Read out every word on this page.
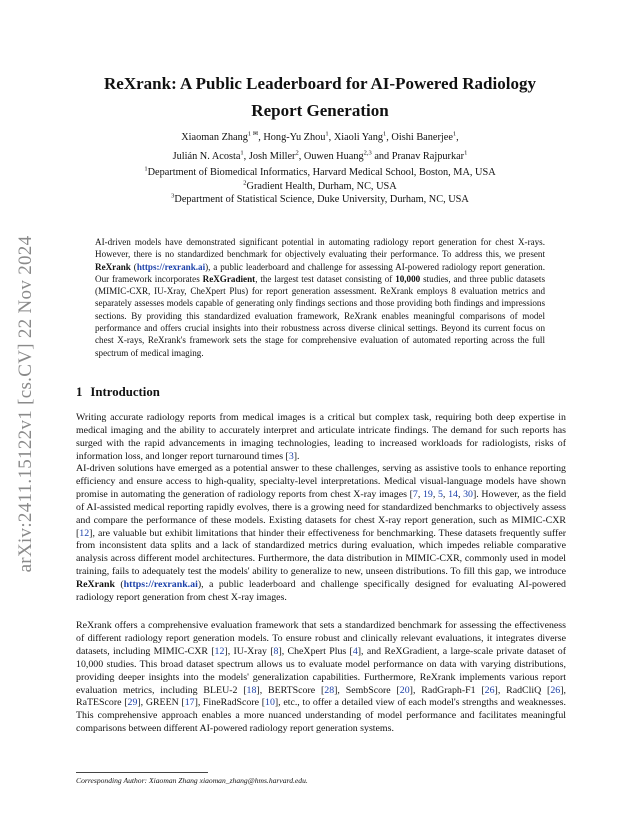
arXiv:2411.15122v1 [cs.CV] 22 Nov 2024
ReXrank: A Public Leaderboard for AI-Powered Radiology Report Generation
Xiaoman Zhang$^{1 ✉}$, Hong-Yu Zhou$^1$, Xiaoli Yang$^1$, Oishi Banerjee$^1$,
Julián N. Acosta$^1$, Josh Miller$^2$, Ouwen Huang$^{2,3}$ and Pranav Rajpurkar$^1$
$^1$Department of Biomedical Informatics, Harvard Medical School, Boston, MA, USA
$^2$Gradient Health, Durham, NC, USA
$^3$Department of Statistical Science, Duke University, Durham, NC, USA
AI-driven models have demonstrated significant potential in automating radiology report generation for chest X-rays. However, there is no standardized benchmark for objectively evaluating their performance. To address this, we present ReXrank (https://rexrank.ai), a public leaderboard and challenge for assessing AI-powered radiology report generation. Our framework incorporates ReXGradient, the largest test dataset consisting of 10,000 studies, and three public datasets (MIMIC-CXR, IU-Xray, CheXpert Plus) for report generation assessment. ReXrank employs 8 evaluation metrics and separately assesses models capable of generating only findings sections and those providing both findings and impressions sections. By providing this standardized evaluation framework, ReXrank enables meaningful comparisons of model performance and offers crucial insights into their robustness across diverse clinical settings. Beyond its current focus on chest X-rays, ReXrank's framework sets the stage for comprehensive evaluation of automated reporting across the full spectrum of medical imaging.
1 Introduction

Writing accurate radiology reports from medical images is a critical but complex task, requiring both deep expertise in medical imaging and the ability to accurately interpret and articulate intricate findings. The demand for such reports has surged with the rapid advancements in imaging technologies, leading to increased workloads for radiologists, risks of information loss, and longer report turnaround times [3].

AI-driven solutions have emerged as a potential answer to these challenges, serving as assistive tools to enhance reporting efficiency and ensure access to high-quality, specialty-level interpretations. Medical visual-language models have shown promise in automating the generation of radiology reports from chest X-ray images [7, 19, 5, 14, 30]. However, as the field of AI-assisted medical reporting rapidly evolves, there is a growing need for standardized benchmarks to objectively assess and compare the performance of these models. Existing datasets for chest X-ray report generation, such as MIMIC-CXR [12], are valuable but exhibit limitations that hinder their effectiveness for benchmarking. These datasets frequently suffer from inconsistent data splits and a lack of standardized metrics during evaluation, which impedes reliable comparative analysis across different model architectures. Furthermore, the data distribution in MIMIC-CXR, commonly used in model training, fails to adequately test the models' ability to generalize to new, unseen distributions. To fill this gap, we introduce ReXrank (https://rexrank.ai), a public leaderboard and challenge specifically designed for evaluating AI-powered radiology report generation from chest X-ray images.

ReXrank offers a comprehensive evaluation framework that sets a standardized benchmark for assessing the effectiveness of different radiology report generation models. To ensure robust and clinically relevant evaluations, it integrates diverse datasets, including MIMIC-CXR [12], IU-Xray [8], CheXpert Plus [4], and ReXGradient, a large-scale private dataset of 10,000 studies. This broad dataset spectrum allows us to evaluate model performance on data with varying distributions, providing deeper insights into the models' generalization capabilities. Furthermore, ReXrank implements various report evaluation metrics, including BLEU-2 [18], BERTScore [28], SembScore [20], RadGraph-F1 [26], RadCliQ [26], RaTEScore [29], GREEN [17], FineRadScore [10], etc., to offer a detailed view of each model's strengths and weaknesses. This comprehensive approach enables a more nuanced understanding of model performance and facilitates meaningful comparisons between different AI-powered radiology report generation systems.

Corresponding Author: Xiaoman Zhang xiaoman_zhang@hms.harvard.edu.
